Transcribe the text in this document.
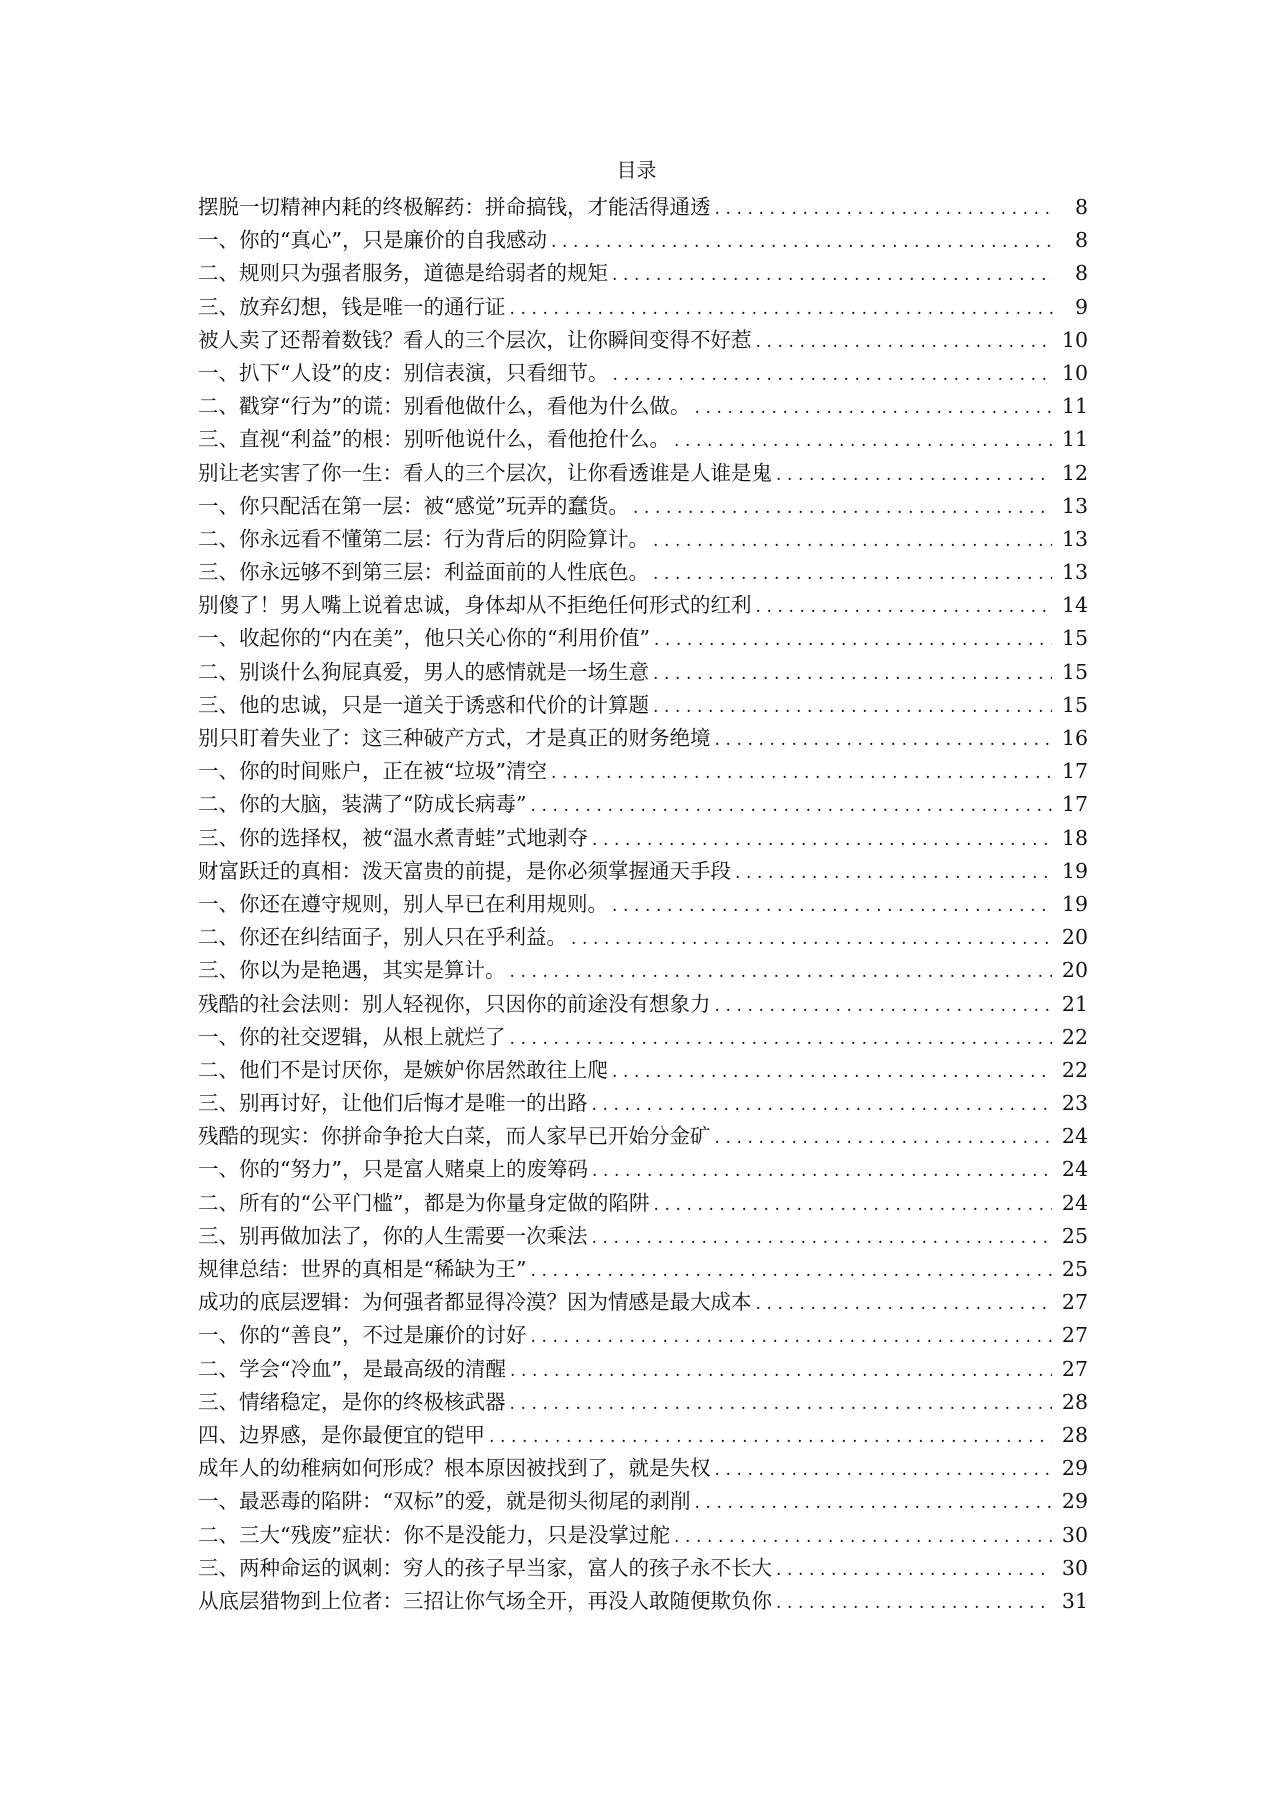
目录
摆脱一切精神内耗的终极解药：拼命搞钱，才能活得通透 .....	8
一、你的“真心”，只是廉价的自我感动 .....	8
二、规则只为强者服务，道德是给弱者的规矩 .....	8
三、放弃幻想，钱是唯一的通行证 .....	9
被人卖了还帮着数钱？看人的三个层次，让你瞬间变得不好惹 .....	10
一、扒下“人设”的皮：别信表演，只看细节。 .....	10
二、戳穿“行为”的谎：别看他做什么，看他为什么做。 .....	11
三、直视“利益”的根：别听他说什么，看他抢什么。 .....	11
别让老实害了你一生：看人的三个层次，让你看透谁是人谁是鬼 .....	12
一、你只配活在第一层：被“感觉”玩弄的蠢货。 .....	13
二、你永远看不懂第二层：行为背后的阴险算计。 .....	13
三、你永远够不到第三层：利益面前的人性底色。 .....	13
别傻了！男人嘴上说着忠诚，身体却从不拒绝任何形式的红利 .....	14
一、收起你的“内在美”，他只关心你的“利用价值” .....	15
二、别谈什么狗屁真爱，男人的感情就是一场生意 .....	15
三、他的忠诚，只是一道关于诱惑和代价的计算题 .....	15
别只盯着失业了：这三种破产方式，才是真正的财务绝境 .....	16
一、你的时间账户，正在被“垃圾”清空 .....	17
二、你的大脑，装满了“防成长病毒” .....	17
三、你的选择权，被“温水煮青蛙”式地剥夺 .....	18
财富跃迁的真相：泼天富贵的前提，是你必须掌握通天手段 .....	19
一、你还在遵守规则，别人早已在利用规则。 .....	19
二、你还在纠结面子，别人只在乎利益。 .....	20
三、你以为是艳遇，其实是算计。 .....	20
残酷的社会法则：别人轻视你，只因你的前途没有想象力 .....	21
一、你的社交逻辑，从根上就烂了 .....	22
二、他们不是讨厌你，是嫉妒你居然敢往上爬 .....	22
三、别再讨好，让他们后悔才是唯一的出路 .....	23
残酷的现实：你拼命争抢大白菜，而人家早已开始分金矿 .....	24
一、你的“努力”，只是富人赌桌上的废筹码 .....	24
二、所有的“公平门槛”，都是为你量身定做的陷阱 .....	24
三、别再做加法了，你的人生需要一次乘法 .....	25
规律总结：世界的真相是“稀缺为王” .....	25
成功的底层逻辑：为何强者都显得冷漠？因为情感是最大成本 .....	27
一、你的“善良”，不过是廉价的讨好 .....	27
二、学会“冷血”，是最高级的清醒 .....	27
三、情绪稳定，是你的终极核武器 .....	28
四、边界感，是你最便宜的铠甲 .....	28
成年人的幼稚病如何形成？根本原因被找到了，就是失权 .....	29
一、最恶毒的陷阱：“双标”的爱，就是彻头彻尾的剥削 .....	29
二、三大“残废”症状：你不是没能力，只是没掌过舵 .....	30
三、两种命运的讽刺：穷人的孩子早当家，富人的孩子永不长大 .....	30
从底层猎物到上位者：三招让你气场全开，再没人敢随便欺负你 .....	31
